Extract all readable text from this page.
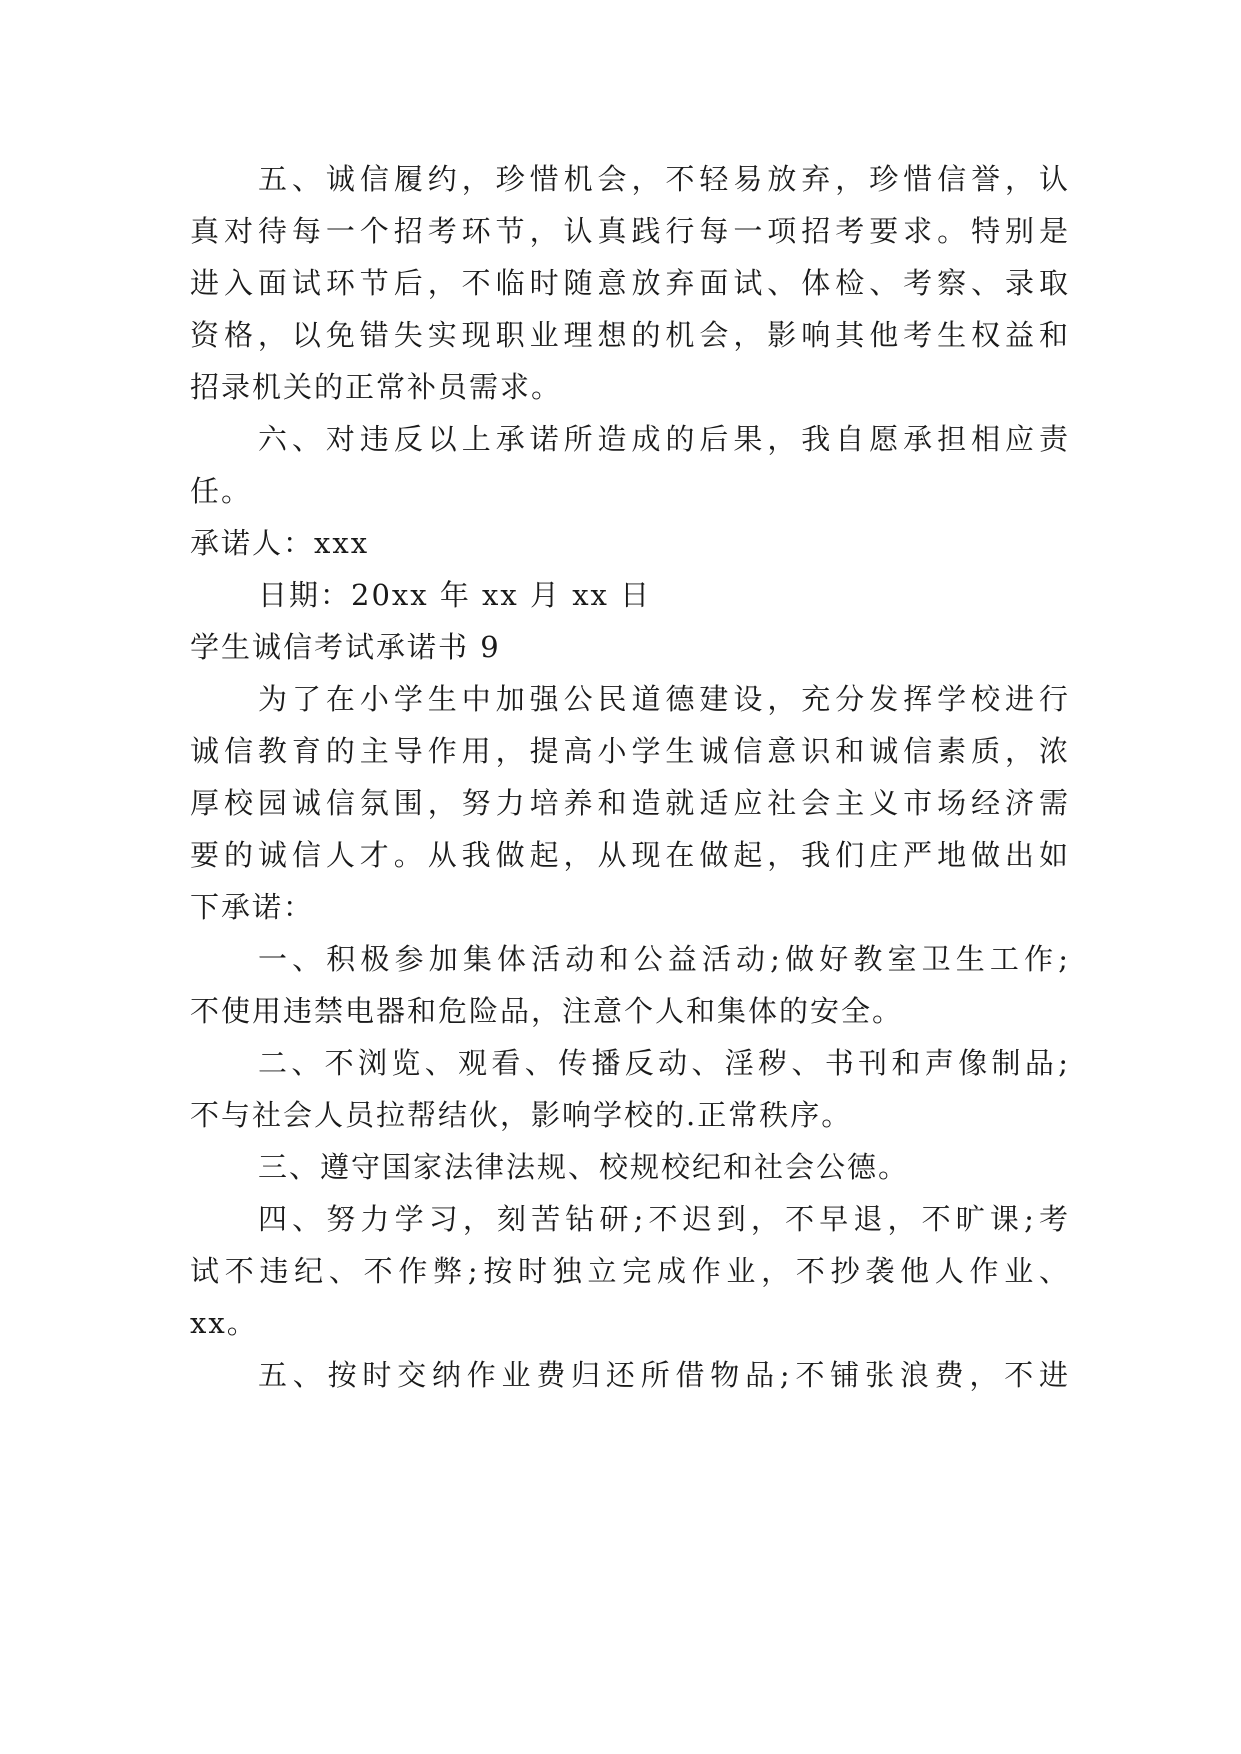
五、诚信履约，珍惜机会，不轻易放弃，珍惜信誉，认
真对待每一个招考环节，认真践行每一项招考要求。特别是
进入面试环节后，不临时随意放弃面试、体检、考察、录取
资格，以免错失实现职业理想的机会，影响其他考生权益和
招录机关的正常补员需求。
六、对违反以上承诺所造成的后果，我自愿承担相应责
任。
承诺人：xxx
日期：20xx 年 xx 月 xx 日
学生诚信考试承诺书 9
为了在小学生中加强公民道德建设，充分发挥学校进行
诚信教育的主导作用，提高小学生诚信意识和诚信素质，浓
厚校园诚信氛围，努力培养和造就适应社会主义市场经济需
要的诚信人才。从我做起，从现在做起，我们庄严地做出如
下承诺：
一、积极参加集体活动和公益活动;做好教室卫生工作;
不使用违禁电器和危险品，注意个人和集体的安全。
二、不浏览、观看、传播反动、淫秽、书刊和声像制品;
不与社会人员拉帮结伙，影响学校的.正常秩序。
三、遵守国家法律法规、校规校纪和社会公德。
四、努力学习，刻苦钻研;不迟到，不早退，不旷课;考
试不违纪、不作弊;按时独立完成作业，不抄袭他人作业、
xx。
五、按时交纳作业费归还所借物品;不铺张浪费，不进
